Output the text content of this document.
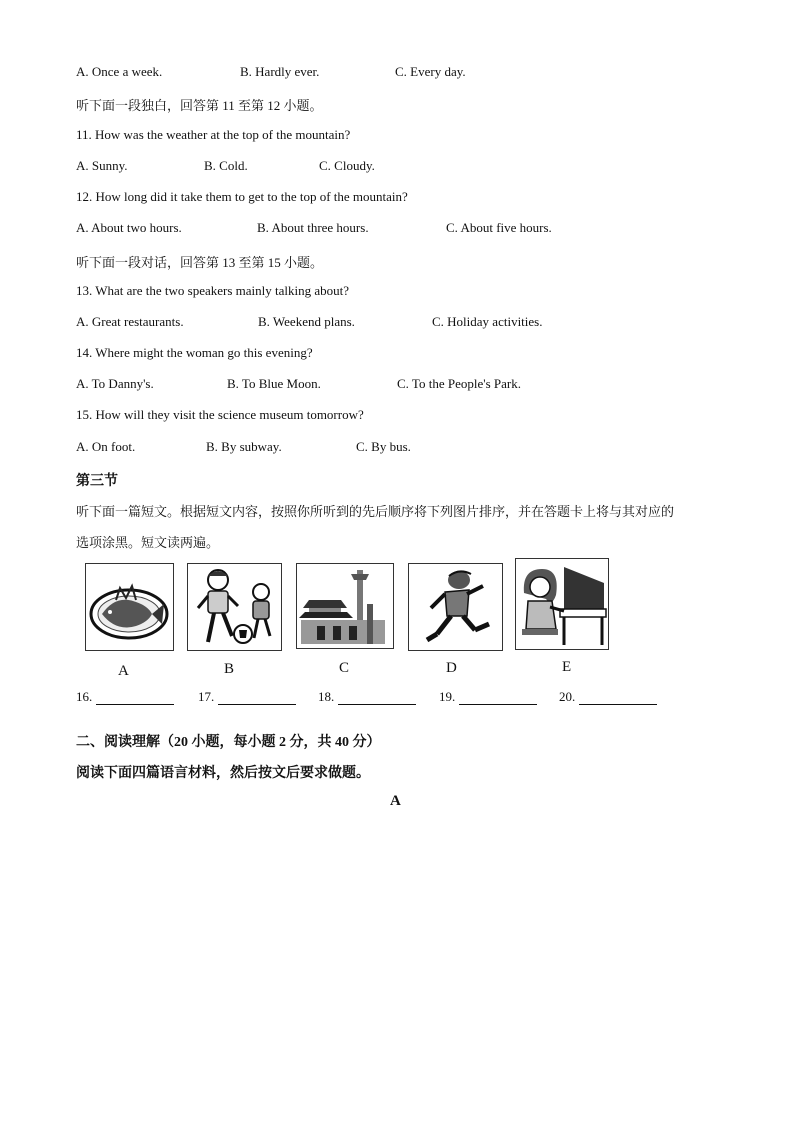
A. Once a week.	B. Hardly ever.	C. Every day.
听下面一段独白，回答第 11 至第 12 小题。
11. How was the weather at the top of the mountain?
A. Sunny.	B. Cold.	C. Cloudy.
12. How long did it take them to get to the top of the mountain?
A. About two hours.	B. About three hours.	C. About five hours.
听下面一段对话，回答第 13 至第 15 小题。
13. What are the two speakers mainly talking about?
A. Great restaurants.	B. Weekend plans.	C. Holiday activities.
14. Where might the woman go this evening?
A. To Danny's.	B. To Blue Moon.	C. To the People's Park.
15. How will they visit the science museum tomorrow?
A. On foot.	B. By subway.	C. By bus.
第三节
听下面一篇短文。根据短文内容，按照你所听到的先后顺序将下列图片排序，并在答题卡上将与其对应的
选项涂黑。短文读两遍。
A	B	C	D	E
16.	17.	18.	19.	20.
二、阅读理解（20 小题，每小题 2 分，共 40 分）
阅读下面四篇语言材料，然后按文后要求做题。
A
